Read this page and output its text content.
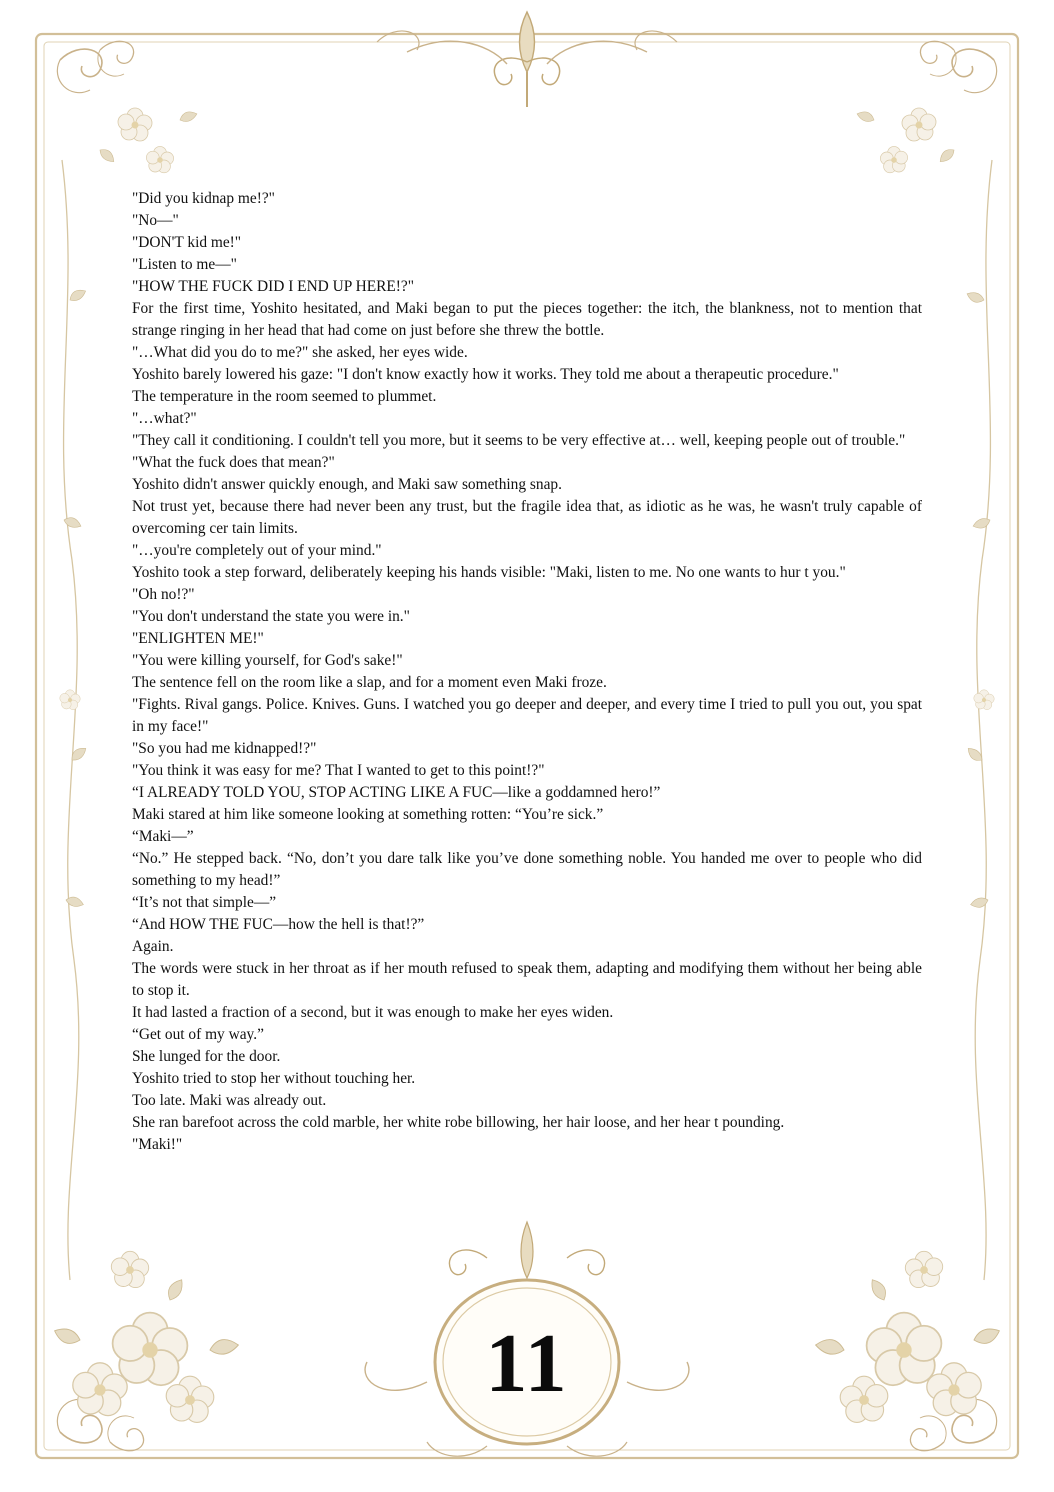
"Did you kidnap me!?"

"No—"

"DON'T kid me!"

"Listen to me—"

"HOW THE FUCK DID I END UP HERE!?"

For the first time, Yoshito hesitated, and Maki began to put the pieces together: the itch, the blankness, not to mention that strange ringing in her head that had come on just before she threw the bottle.

"…What did you do to me?" she asked, her eyes wide.

Yoshito barely lowered his gaze: "I don't know exactly how it works. They told me about a therapeutic procedure."

The temperature in the room seemed to plummet.

"…what?"

"They call it conditioning. I couldn't tell you more, but it seems to be very effective at… well, keeping people out of trouble."

"What the fuck does that mean?"

Yoshito didn't answer quickly enough, and Maki saw something snap.

Not trust yet, because there had never been any trust, but the fragile idea that, as idiotic as he was, he wasn't truly capable of overcoming cer tain limits.

"…you're completely out of your mind."

Yoshito took a step forward, deliberately keeping his hands visible: "Maki, listen to me. No one wants to hur t you."

"Oh no!?"

"You don't understand the state you were in."

"ENLIGHTEN ME!"

"You were killing yourself, for God's sake!"

The sentence fell on the room like a slap, and for a moment even Maki froze.

"Fights. Rival gangs. Police. Knives. Guns. I watched you go deeper and deeper, and every time I tried to pull you out, you spat in my face!"

"So you had me kidnapped!?"

"You think it was easy for me? That I wanted to get to this point!?"

“I ALREADY TOLD YOU, STOP ACTING LIKE A FUC—like a goddamned hero!”

Maki stared at him like someone looking at something rotten: “You’re sick.”

“Maki—”

“No.” He stepped back. “No, don’t you dare talk like you’ve done something noble. You handed me over to people who did something to my head!”

“It’s not that simple—”

“And HOW THE FUC—how the hell is that!?”

Again.

The words were stuck in her throat as if her mouth refused to speak them, adapting and modifying them without her being able to stop it.

It had lasted a fraction of a second, but it was enough to make her eyes widen.

“Get out of my way.”

She lunged for the door.

Yoshito tried to stop her without touching her.

Too late. Maki was already out.

She ran barefoot across the cold marble, her white robe billowing, her hair loose, and her hear t pounding.

"Maki!"

11
